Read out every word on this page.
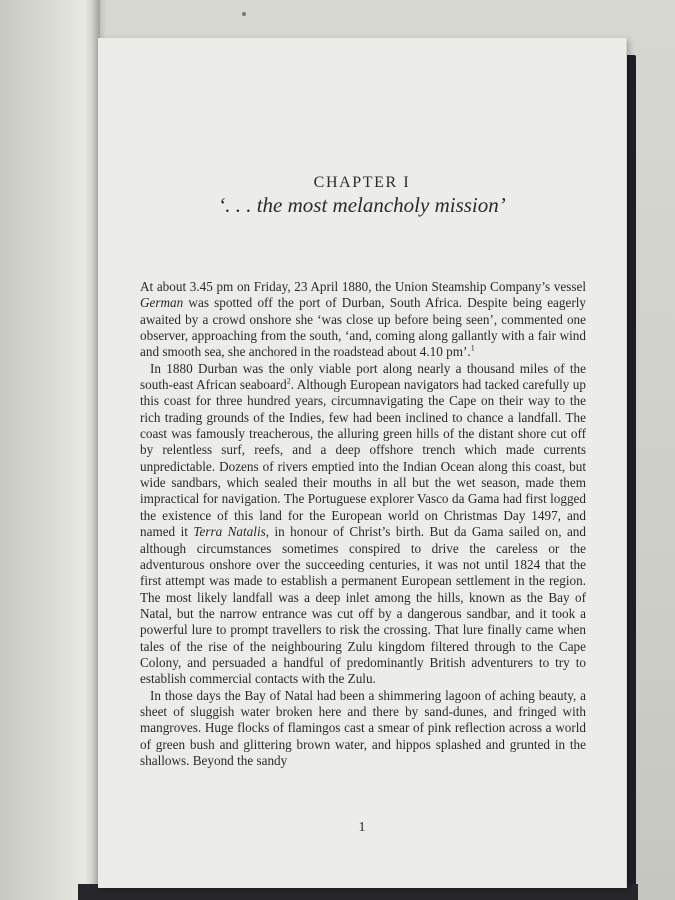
CHAPTER I
‘. . . the most melancholy mission’

At about 3.45 pm on Friday, 23 April 1880, the Union Steamship Company’s vessel German was spotted off the port of Durban, South Africa. Despite being eagerly awaited by a crowd onshore she ‘was close up before being seen’, commented one observer, approaching from the south, ‘and, coming along gallantly with a fair wind and smooth sea, she anchored in the roadstead about 4.10 pm’.$^1$

In 1880 Durban was the only viable port along nearly a thousand miles of the south-east African seaboard$^2$. Although European navigators had tacked carefully up this coast for three hundred years, circumnavigating the Cape on their way to the rich trading grounds of the Indies, few had been inclined to chance a landfall. The coast was famously treacherous, the alluring green hills of the distant shore cut off by relentless surf, reefs, and a deep offshore trench which made currents unpredictable. Dozens of rivers emptied into the Indian Ocean along this coast, but wide sandbars, which sealed their mouths in all but the wet season, made them impractical for navigation. The Portuguese explorer Vasco da Gama had first logged the existence of this land for the European world on Christmas Day 1497, and named it Terra Natalis, in honour of Christ’s birth. But da Gama sailed on, and although circumstances sometimes conspired to drive the careless or the adventurous onshore over the succeeding centuries, it was not until 1824 that the first attempt was made to establish a permanent European settlement in the region. The most likely landfall was a deep inlet among the hills, known as the Bay of Natal, but the narrow entrance was cut off by a dangerous sandbar, and it took a powerful lure to prompt travellers to risk the crossing. That lure finally came when tales of the rise of the neighbouring Zulu kingdom filtered through to the Cape Colony, and persuaded a handful of predominantly British adventurers to try to establish commercial contacts with the Zulu.

In those days the Bay of Natal had been a shimmering lagoon of aching beauty, a sheet of sluggish water broken here and there by sand-dunes, and fringed with mangroves. Huge flocks of flamingos cast a smear of pink reflection across a world of green bush and glittering brown water, and hippos splashed and grunted in the shallows. Beyond the sandy

1
